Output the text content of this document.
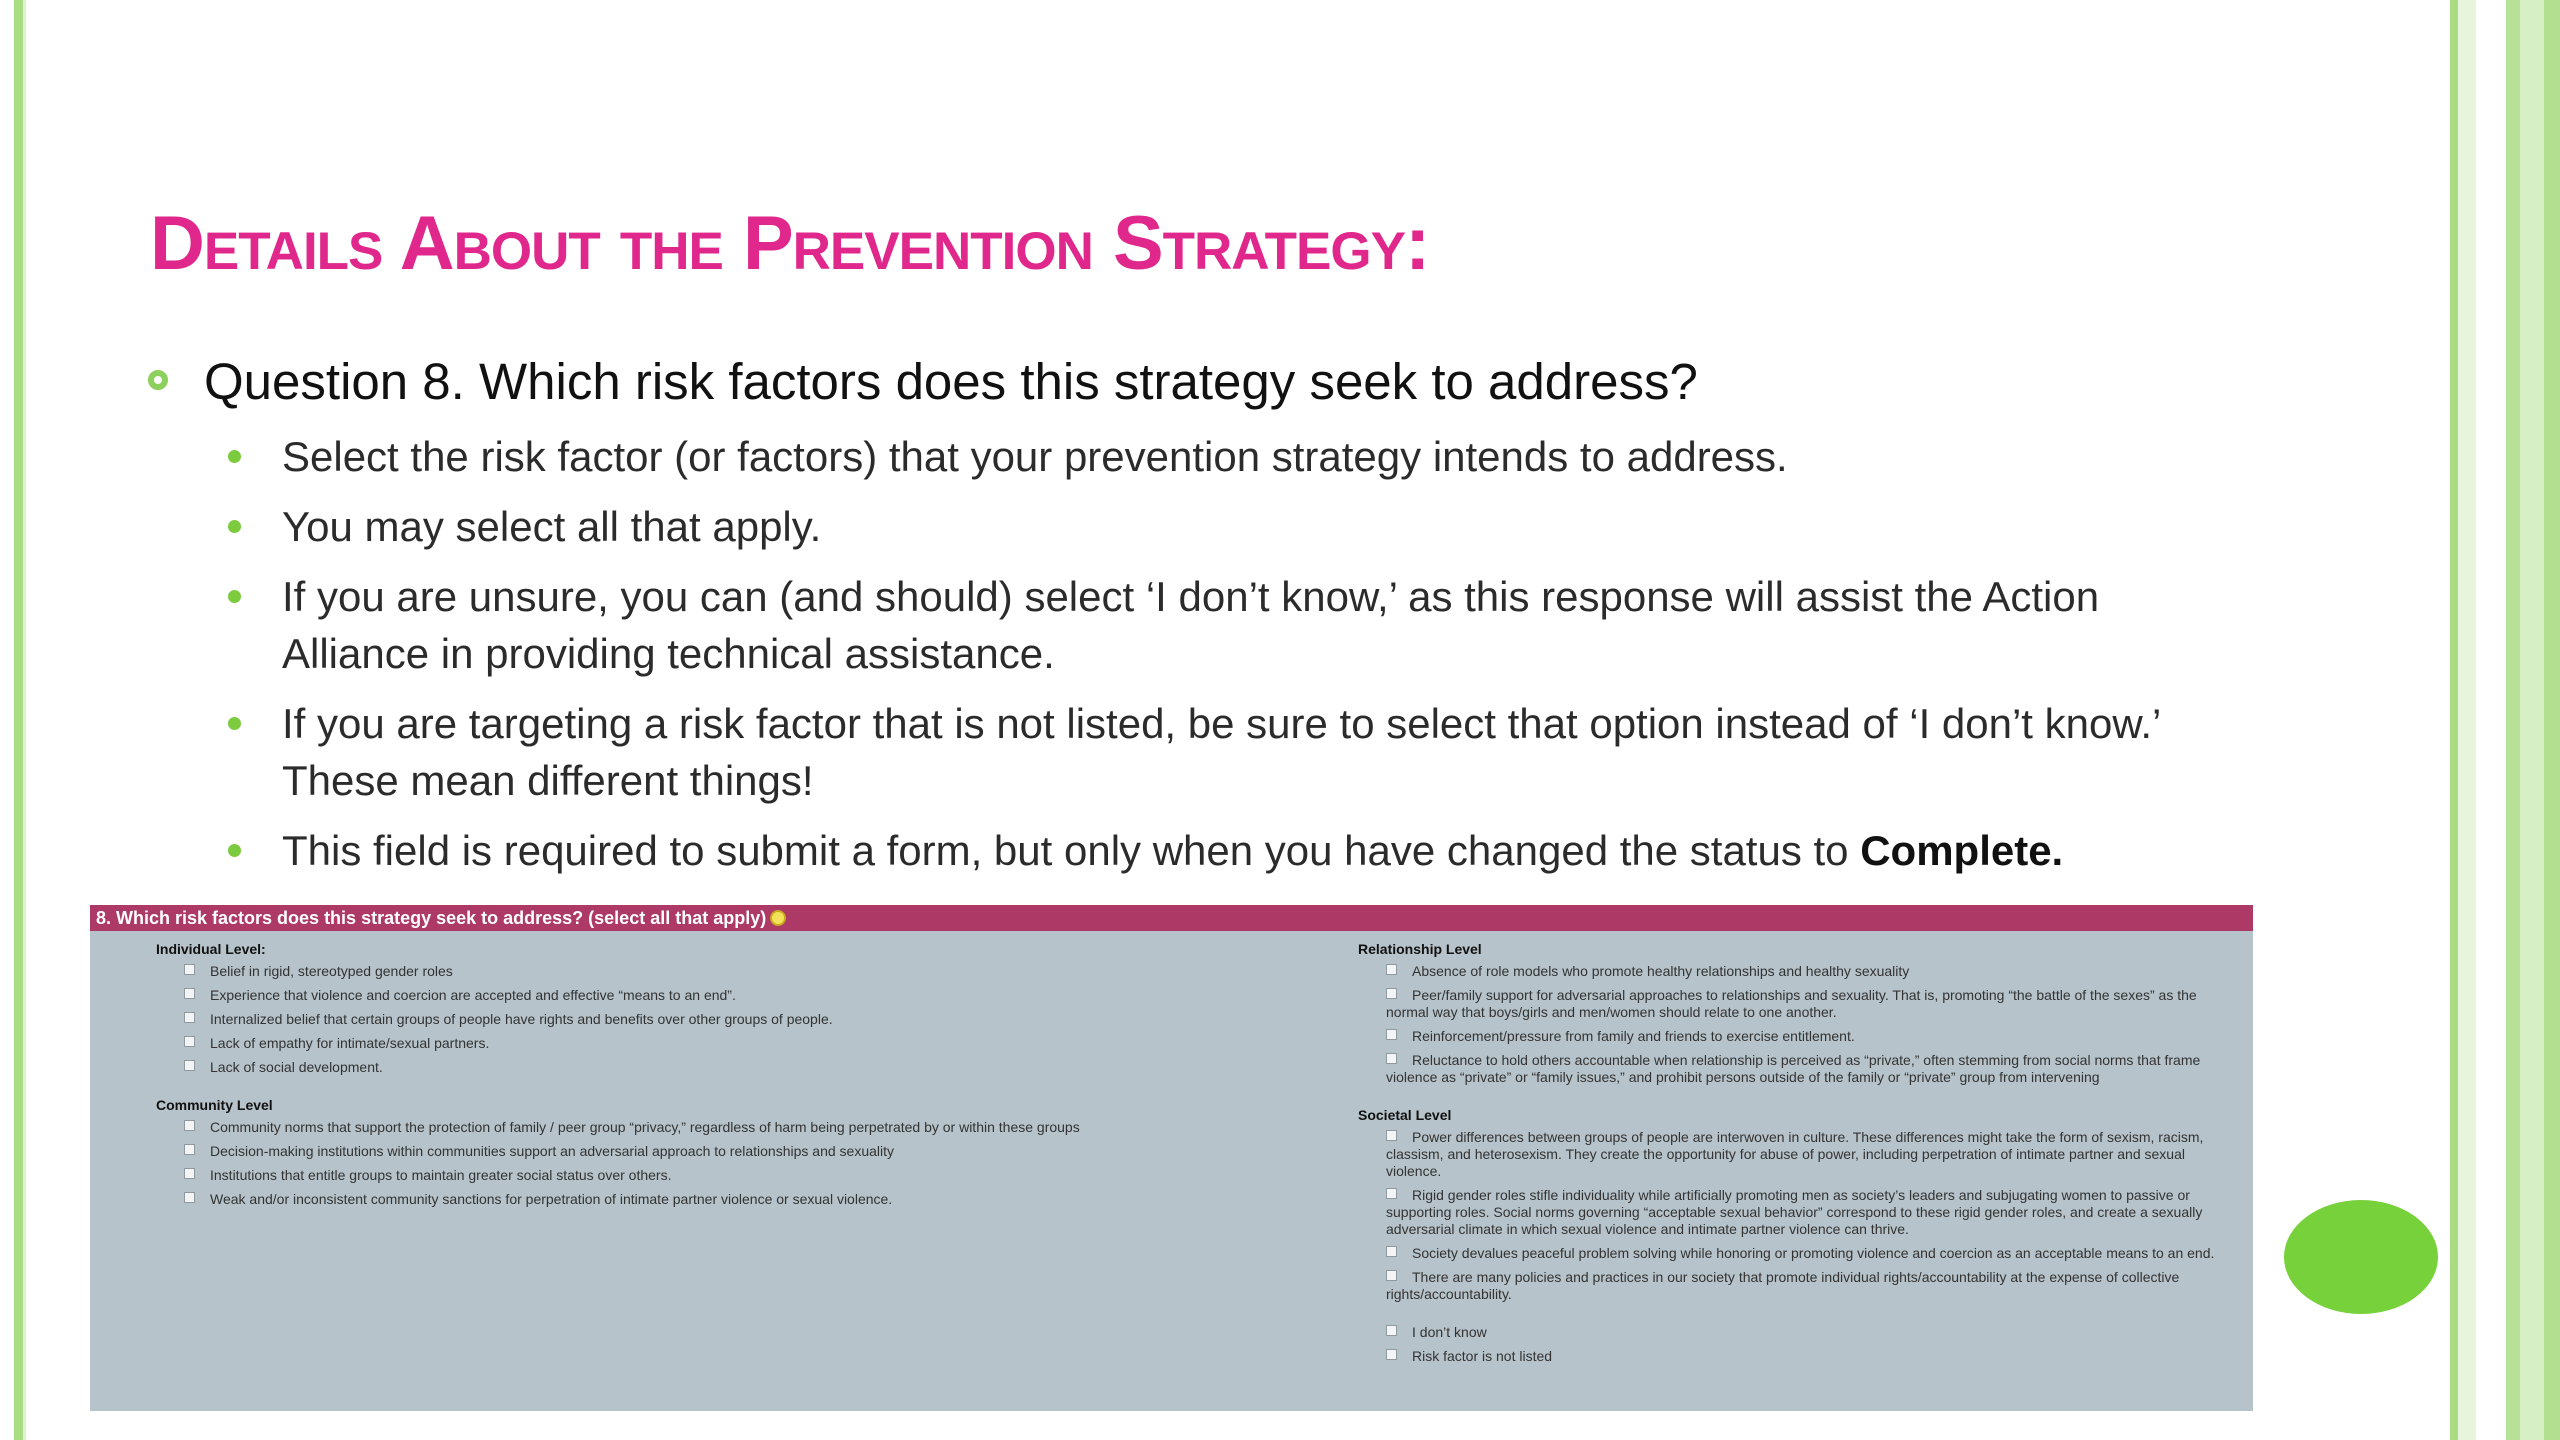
Details About the Prevention Strategy:
Question 8. Which risk factors does this strategy seek to address?
Select the risk factor (or factors) that your prevention strategy intends to address.
You may select all that apply.
If you are unsure, you can (and should) select ‘I don’t know,’ as this response will assist the Action Alliance in providing technical assistance.
If you are targeting a risk factor that is not listed, be sure to select that option instead of ‘I don’t know.’ These mean different things!
This field is required to submit a form, but only when you have changed the status to Complete.
8. Which risk factors does this strategy seek to address? (select all that apply)
Individual Level:
Belief in rigid, stereotyped gender roles
Experience that violence and coercion are accepted and effective “means to an end”.
Internalized belief that certain groups of people have rights and benefits over other groups of people.
Lack of empathy for intimate/sexual partners.
Lack of social development.
Community Level
Community norms that support the protection of family / peer group “privacy,” regardless of harm being perpetrated by or within these groups
Decision-making institutions within communities support an adversarial approach to relationships and sexuality
Institutions that entitle groups to maintain greater social status over others.
Weak and/or inconsistent community sanctions for perpetration of intimate partner violence or sexual violence.
Relationship Level
Absence of role models who promote healthy relationships and healthy sexuality
Peer/family support for adversarial approaches to relationships and sexuality. That is, promoting “the battle of the sexes” as the normal way that boys/girls and men/women should relate to one another.
Reinforcement/pressure from family and friends to exercise entitlement.
Reluctance to hold others accountable when relationship is perceived as “private,” often stemming from social norms that frame violence as “private” or “family issues,” and prohibit persons outside of the family or “private” group from intervening
Societal Level
Power differences between groups of people are interwoven in culture. These differences might take the form of sexism, racism, classism, and heterosexism. They create the opportunity for abuse of power, including perpetration of intimate partner and sexual violence.
Rigid gender roles stifle individuality while artificially promoting men as society’s leaders and subjugating women to passive or supporting roles. Social norms governing “acceptable sexual behavior” correspond to these rigid gender roles, and create a sexually adversarial climate in which sexual violence and intimate partner violence can thrive.
Society devalues peaceful problem solving while honoring or promoting violence and coercion as an acceptable means to an end.
There are many policies and practices in our society that promote individual rights/accountability at the expense of collective rights/accountability.
I don’t know
Risk factor is not listed
